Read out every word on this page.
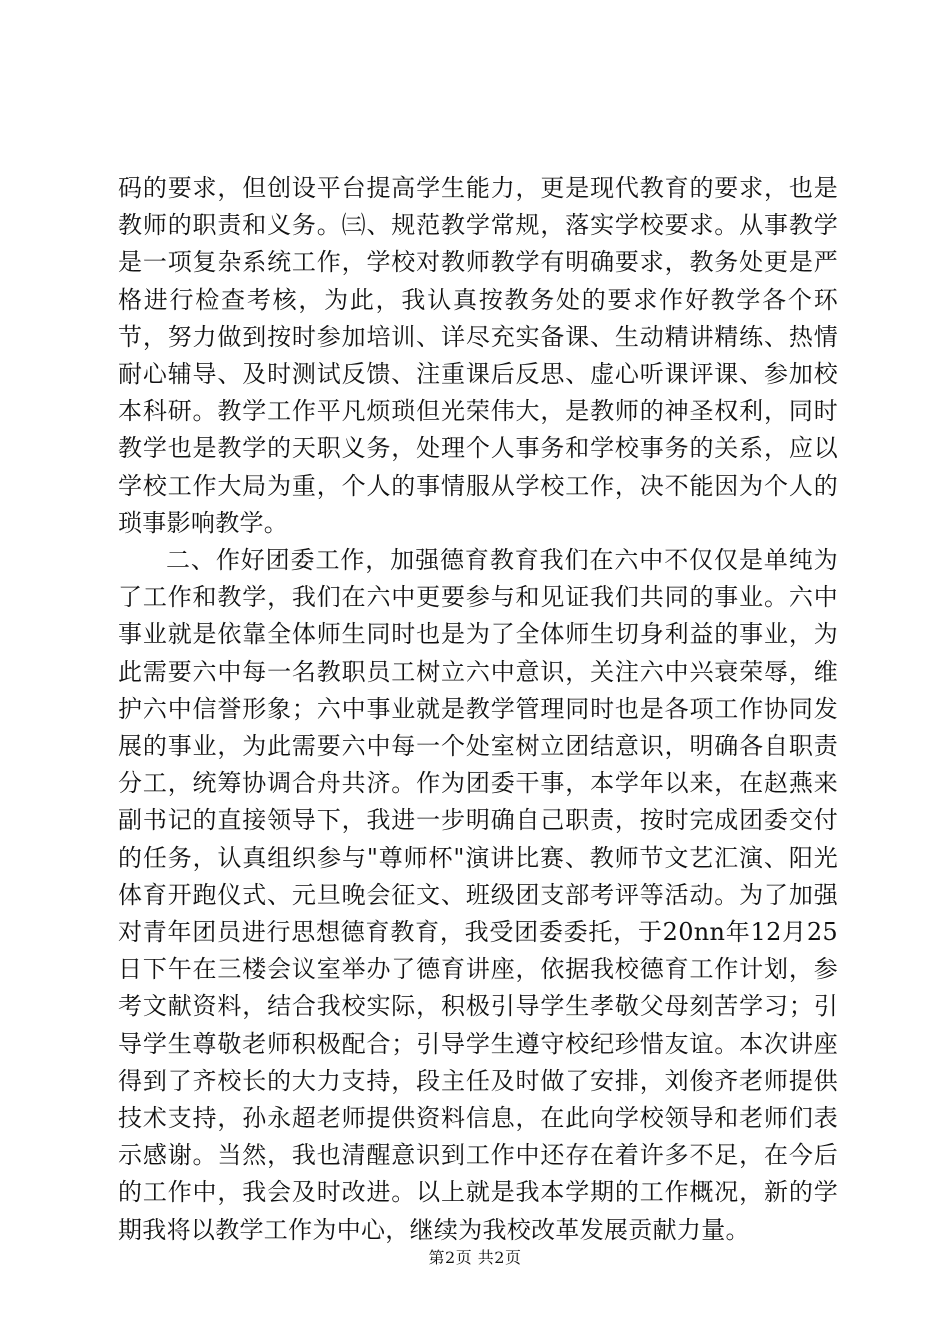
码的要求，但创设平台提高学生能力，更是现代教育的要求，也是教师的职责和义务。㈢、规范教学常规，落实学校要求。从事教学是一项复杂系统工作，学校对教师教学有明确要求，教务处更是严格进行检查考核，为此，我认真按教务处的要求作好教学各个环节，努力做到按时参加培训、详尽充实备课、生动精讲精练、热情耐心辅导、及时测试反馈、注重课后反思、虚心听课评课、参加校本科研。教学工作平凡烦琐但光荣伟大，是教师的神圣权利，同时教学也是教学的天职义务，处理个人事务和学校事务的关系，应以学校工作大局为重，个人的事情服从学校工作，决不能因为个人的琐事影响教学。

二、作好团委工作，加强德育教育我们在六中不仅仅是单纯为了工作和教学，我们在六中更要参与和见证我们共同的事业。六中事业就是依靠全体师生同时也是为了全体师生切身利益的事业，为此需要六中每一名教职员工树立六中意识，关注六中兴衰荣辱，维护六中信誉形象；六中事业就是教学管理同时也是各项工作协同发展的事业，为此需要六中每一个处室树立团结意识，明确各自职责分工，统筹协调合舟共济。作为团委干事，本学年以来，在赵燕来副书记的直接领导下，我进一步明确自己职责，按时完成团委交付的任务，认真组织参与"尊师杯"演讲比赛、教师节文艺汇演、阳光体育开跑仪式、元旦晚会征文、班级团支部考评等活动。为了加强对青年团员进行思想德育教育，我受团委委托，于20nn年12月25日下午在三楼会议室举办了德育讲座，依据我校德育工作计划，参考文献资料，结合我校实际，积极引导学生孝敬父母刻苦学习；引导学生尊敬老师积极配合；引导学生遵守校纪珍惜友谊。本次讲座得到了齐校长的大力支持，段主任及时做了安排，刘俊齐老师提供技术支持，孙永超老师提供资料信息，在此向学校领导和老师们表示感谢。当然，我也清醒意识到工作中还存在着许多不足，在今后的工作中，我会及时改进。以上就是我本学期的工作概况，新的学期我将以教学工作为中心，继续为我校改革发展贡献力量。

第2页 共2页
